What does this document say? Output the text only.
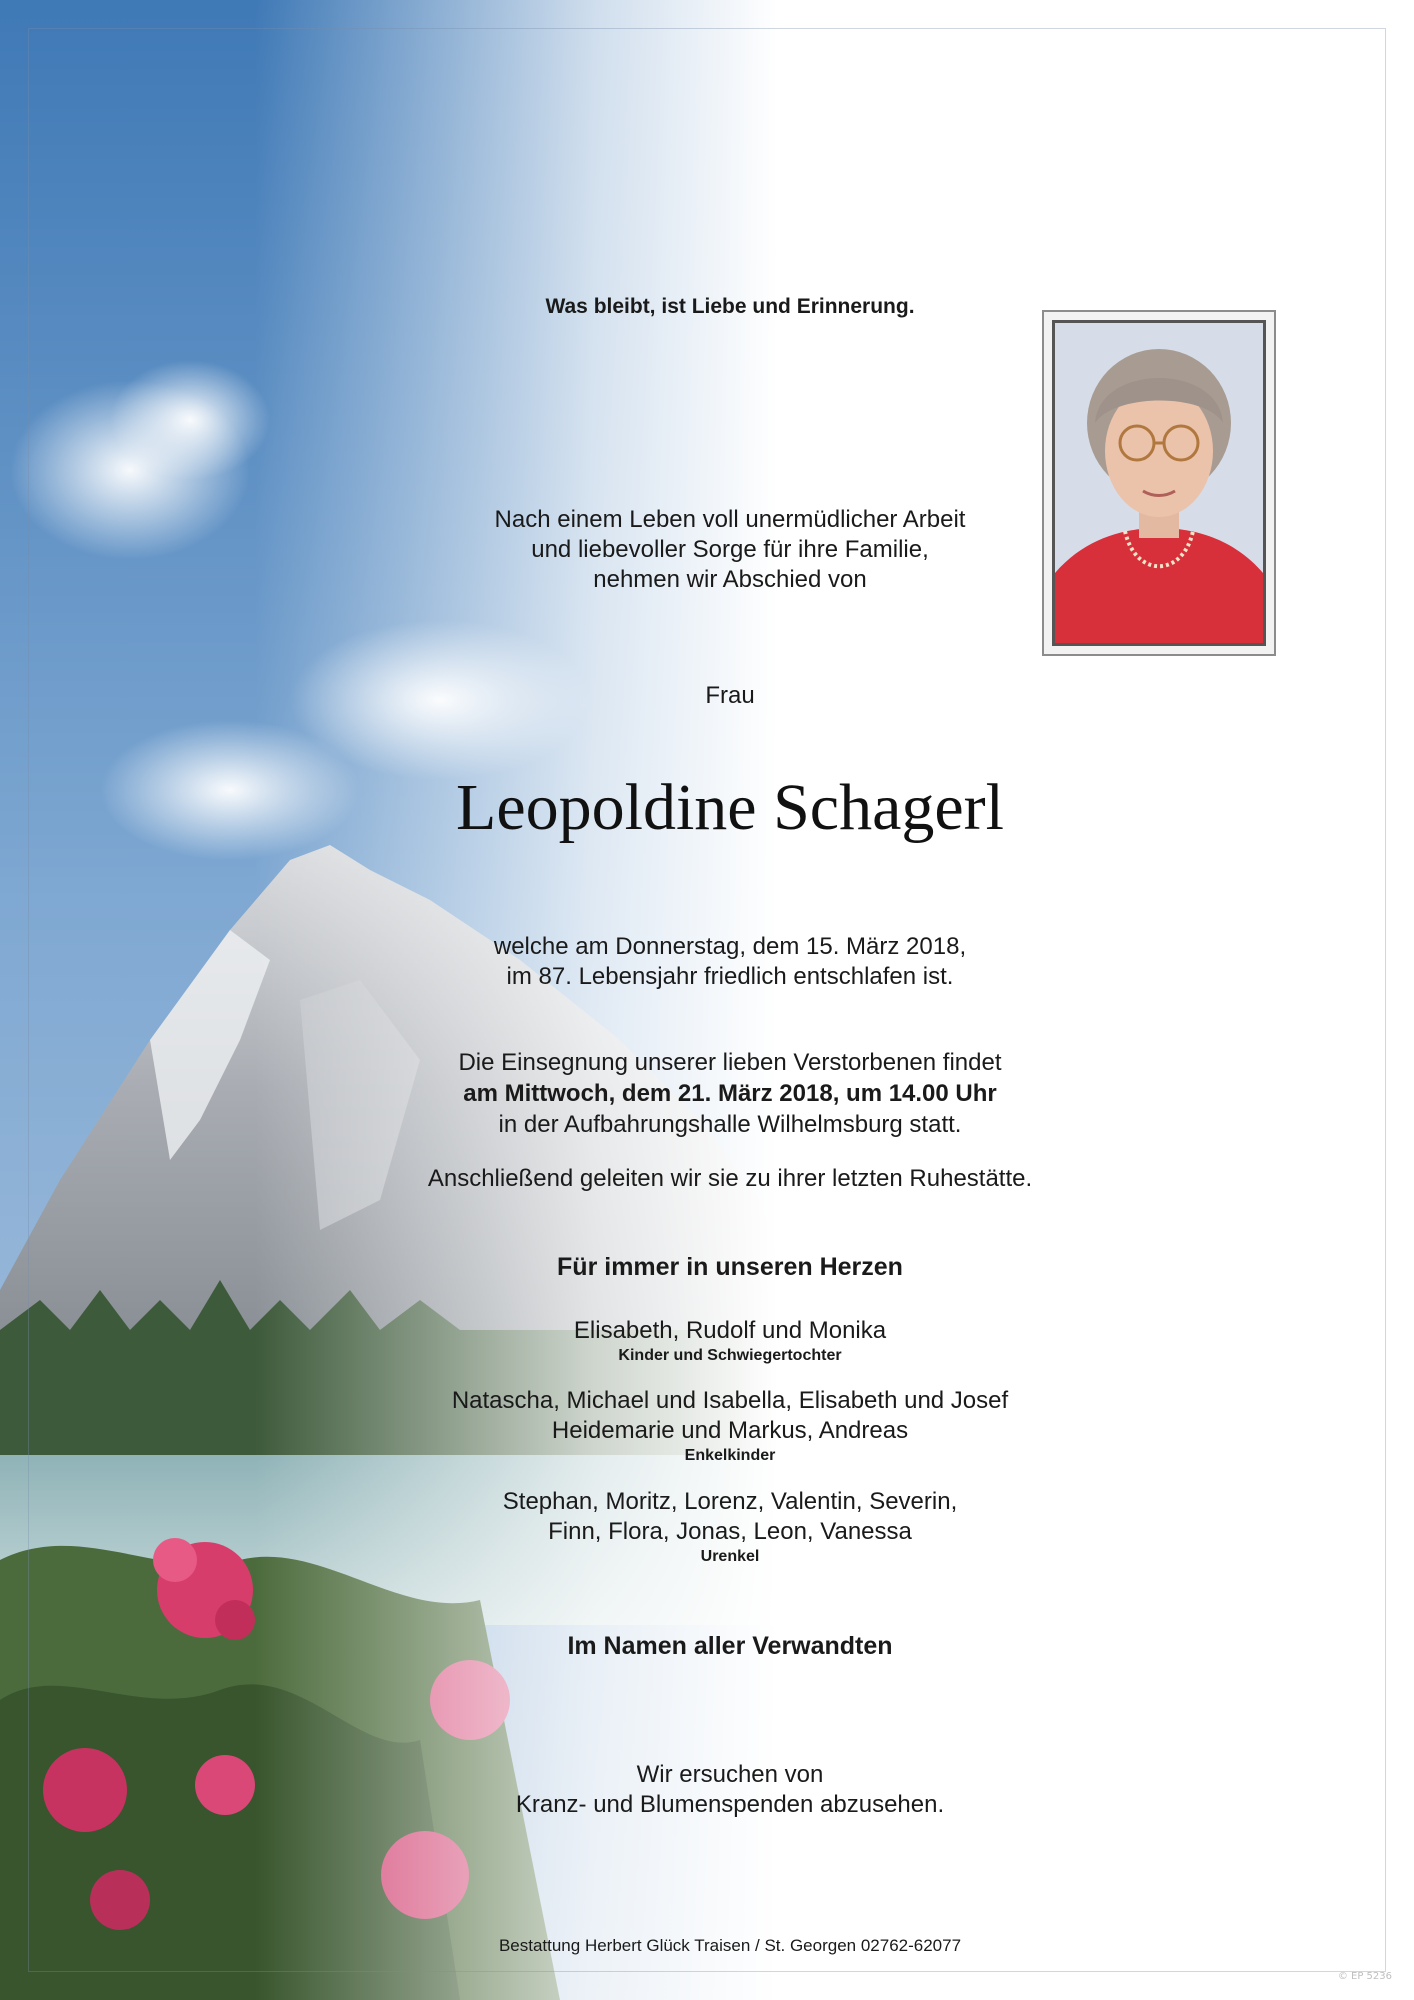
Was bleibt, ist Liebe und Erinnerung.
Nach einem Leben voll unermüdlicher Arbeit
und liebevoller Sorge für ihre Familie,
nehmen wir Abschied von
Frau
Leopoldine Schagerl
welche am Donnerstag, dem 15. März 2018,
im 87. Lebensjahr friedlich entschlafen ist.
Die Einsegnung unserer lieben Verstorbenen findet
am Mittwoch, dem 21. März 2018, um 14.00 Uhr
in der Aufbahrungshalle Wilhelmsburg statt.
Anschließend geleiten wir sie zu ihrer letzten Ruhestätte.
Für immer in unseren Herzen
Elisabeth, Rudolf und Monika
Kinder und Schwiegertochter
Natascha, Michael und Isabella, Elisabeth und Josef
Heidemarie und Markus, Andreas
Enkelkinder
Stephan, Moritz, Lorenz, Valentin, Severin,
Finn, Flora, Jonas, Leon, Vanessa
Urenkel
Im Namen aller Verwandten
Wir ersuchen von
Kranz- und Blumenspenden abzusehen.
Bestattung Herbert Glück Traisen / St. Georgen 02762-62077
© EP 5236
